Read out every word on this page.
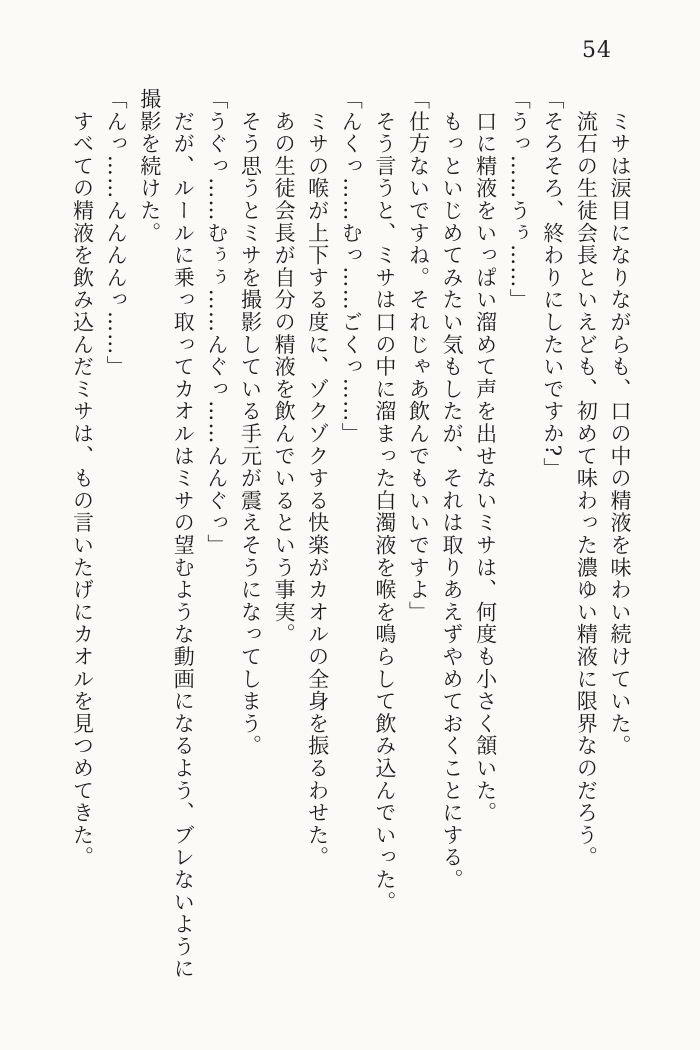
54

　ミサは涙目になりながらも、口の中の精液を味わい続けていた。

　流石の生徒会長といえども、初めて味わった濃ゆい精液に限界なのだろう。

「そろそろ、終わりにしたいですか?」

「うっ……うぅ……」

　口に精液をいっぱい溜めて声を出せないミサは、何度も小さく頷いた。

　もっといじめてみたい気もしたが、それは取りあえずやめておくことにする。

「仕方ないですね。それじゃあ飲んでもいいですよ」

　そう言うと、ミサは口の中に溜まった白濁液を喉を鳴らして飲み込んでいった。

「んくっ……むっ……ごくっ……」

　ミサの喉が上下する度に、ゾクゾクする快楽がカオルの全身を振るわせた。

　あの生徒会長が自分の精液を飲んでいるという事実。

　そう思うとミサを撮影している手元が震えそうになってしまう。

「うぐっ……むぅぅ……んぐっ……んんぐっ」

　だが、ルールに乗っ取ってカオルはミサの望むような動画になるよう、ブレないように撮影を続けた。

「んっ……んんんんっ……」

　すべての精液を飲み込んだミサは、もの言いたげにカオルを見つめてきた。
